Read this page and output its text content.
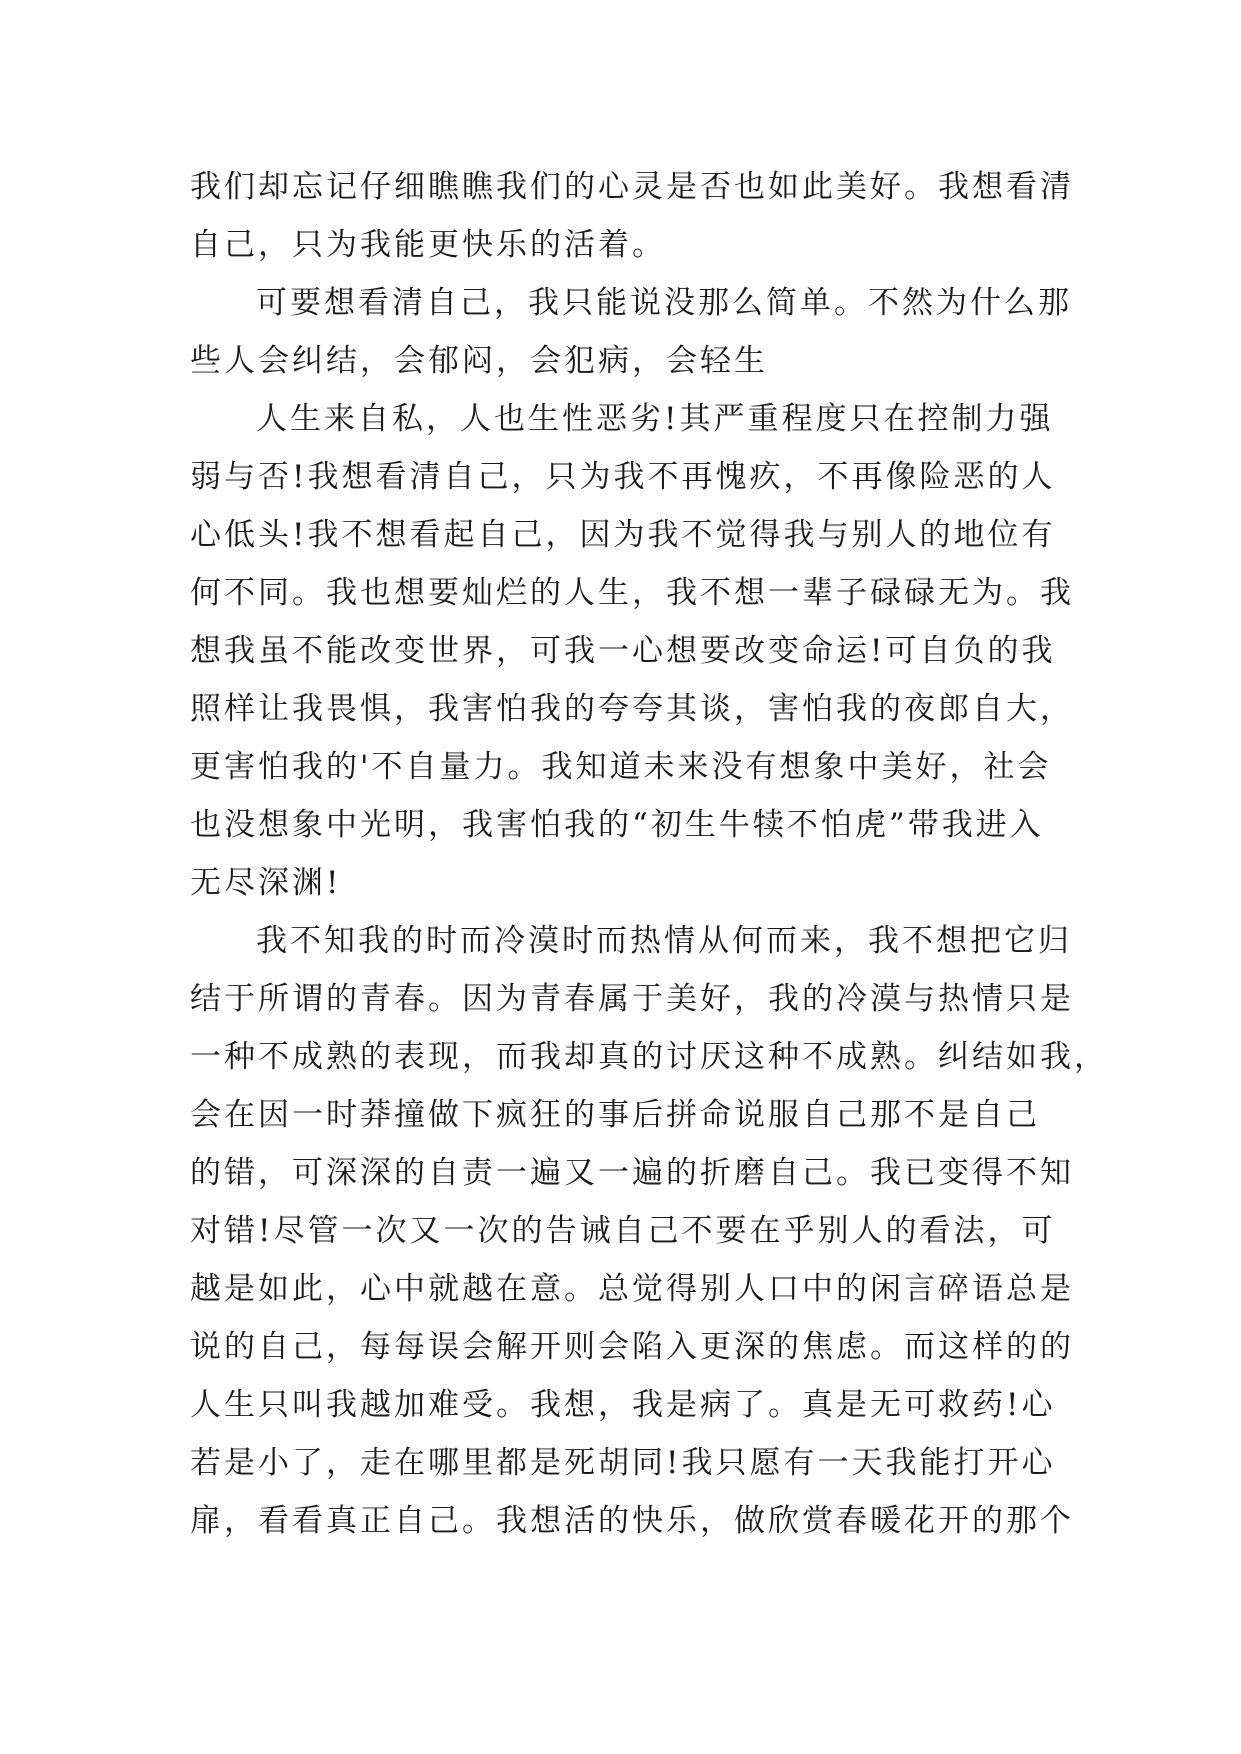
我们却忘记仔细瞧瞧我们的心灵是否也如此美好。我想看清
自己，只为我能更快乐的活着。
可要想看清自己，我只能说没那么简单。不然为什么那
些人会纠结，会郁闷，会犯病，会轻生
人生来自私，人也生性恶劣!其严重程度只在控制力强
弱与否!我想看清自己，只为我不再愧疚，不再像险恶的人
心低头!我不想看起自己，因为我不觉得我与别人的地位有
何不同。我也想要灿烂的人生，我不想一辈子碌碌无为。我
想我虽不能改变世界，可我一心想要改变命运!可自负的我
照样让我畏惧，我害怕我的夸夸其谈，害怕我的夜郎自大，
更害怕我的'不自量力。我知道未来没有想象中美好，社会
也没想象中光明，我害怕我的“初生牛犊不怕虎”带我进入
无尽深渊!
我不知我的时而冷漠时而热情从何而来，我不想把它归
结于所谓的青春。因为青春属于美好，我的冷漠与热情只是
一种不成熟的表现，而我却真的讨厌这种不成熟。纠结如我，
会在因一时莽撞做下疯狂的事后拼命说服自己那不是自己
的错，可深深的自责一遍又一遍的折磨自己。我已变得不知
对错!尽管一次又一次的告诫自己不要在乎别人的看法，可
越是如此，心中就越在意。总觉得别人口中的闲言碎语总是
说的自己，每每误会解开则会陷入更深的焦虑。而这样的的
人生只叫我越加难受。我想，我是病了。真是无可救药!心
若是小了，走在哪里都是死胡同!我只愿有一天我能打开心
扉，看看真正自己。我想活的快乐，做欣赏春暖花开的那个
